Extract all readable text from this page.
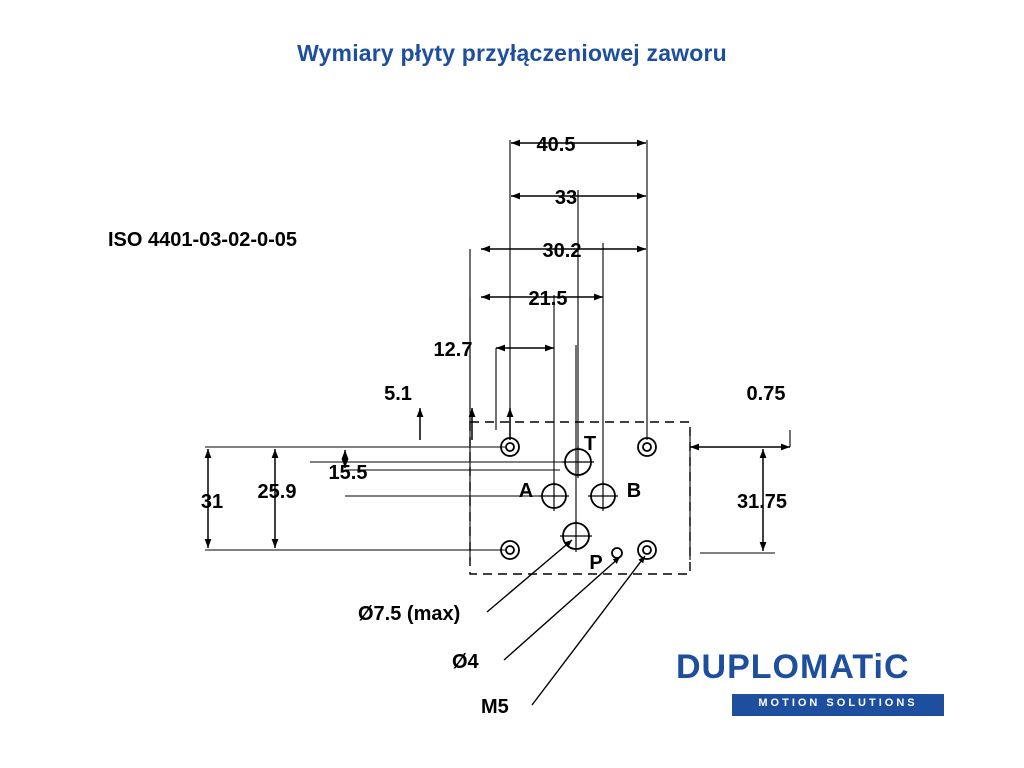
Wymiary płyty przyłączeniowej zaworu
ISO 4401-03-02-0-05
40.5
33
30.2
21.5
12.7
5.1	0.75
31 25.9
15.5
31.75
T
A	B
P
Ø7.5 (max)
Ø4
M5
DUPLOMATiC
MOTION SOLUTIONS
